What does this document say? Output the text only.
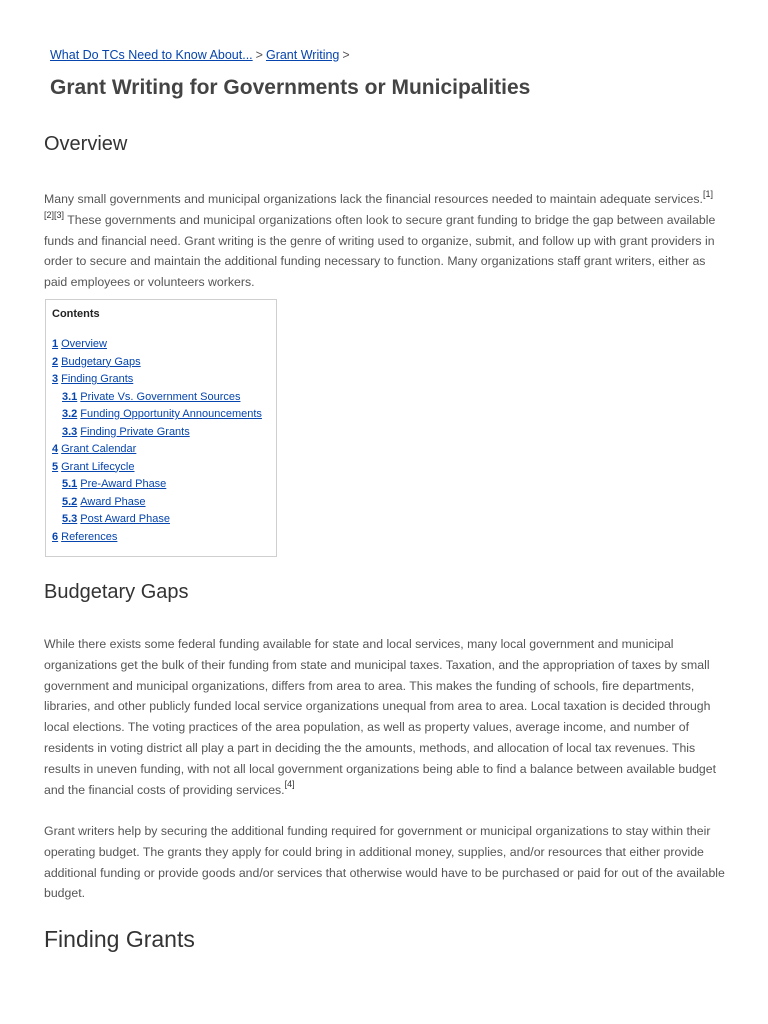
What Do TCs Need to Know About... > Grant Writing >
Grant Writing for Governments or Municipalities
Overview

Many small governments and municipal organizations lack the financial resources needed to maintain adequate services.[1]
[2][3] These governments and municipal organizations often look to secure grant funding to bridge the gap between available funds and financial need. Grant writing is the genre of writing used to organize, submit, and follow up with grant providers in order to secure and maintain the additional funding necessary to function. Many organizations staff grant writers, either as paid employees or volunteers workers.

Contents
1 Overview
2 Budgetary Gaps
3 Finding Grants
3.1 Private Vs. Government Sources
3.2 Funding Opportunity Announcements
3.3 Finding Private Grants
4 Grant Calendar
5 Grant Lifecycle
5.1 Pre-Award Phase
5.2 Award Phase
5.3 Post Award Phase
6 References
Budgetary Gaps

While there exists some federal funding available for state and local services, many local government and municipal organizations get the bulk of their funding from state and municipal taxes. Taxation, and the appropriation of taxes by small government and municipal organizations, differs from area to area. This makes the funding of schools, fire departments, libraries, and other publicly funded local service organizations unequal from area to area. Local taxation is decided through local elections. The voting practices of the area population, as well as property values, average income, and number of residents in voting district all play a part in deciding the the amounts, methods, and allocation of local tax revenues. This results in uneven funding, with not all local government organizations being able to find a balance between available budget and the financial costs of providing services.[4]

Grant writers help by securing the additional funding required for government or municipal organizations to stay within their operating budget. The grants they apply for could bring in additional money, supplies, and/or resources that either provide additional funding or provide goods and/or services that otherwise would have to be purchased or paid for out of the available budget.

Finding Grants
